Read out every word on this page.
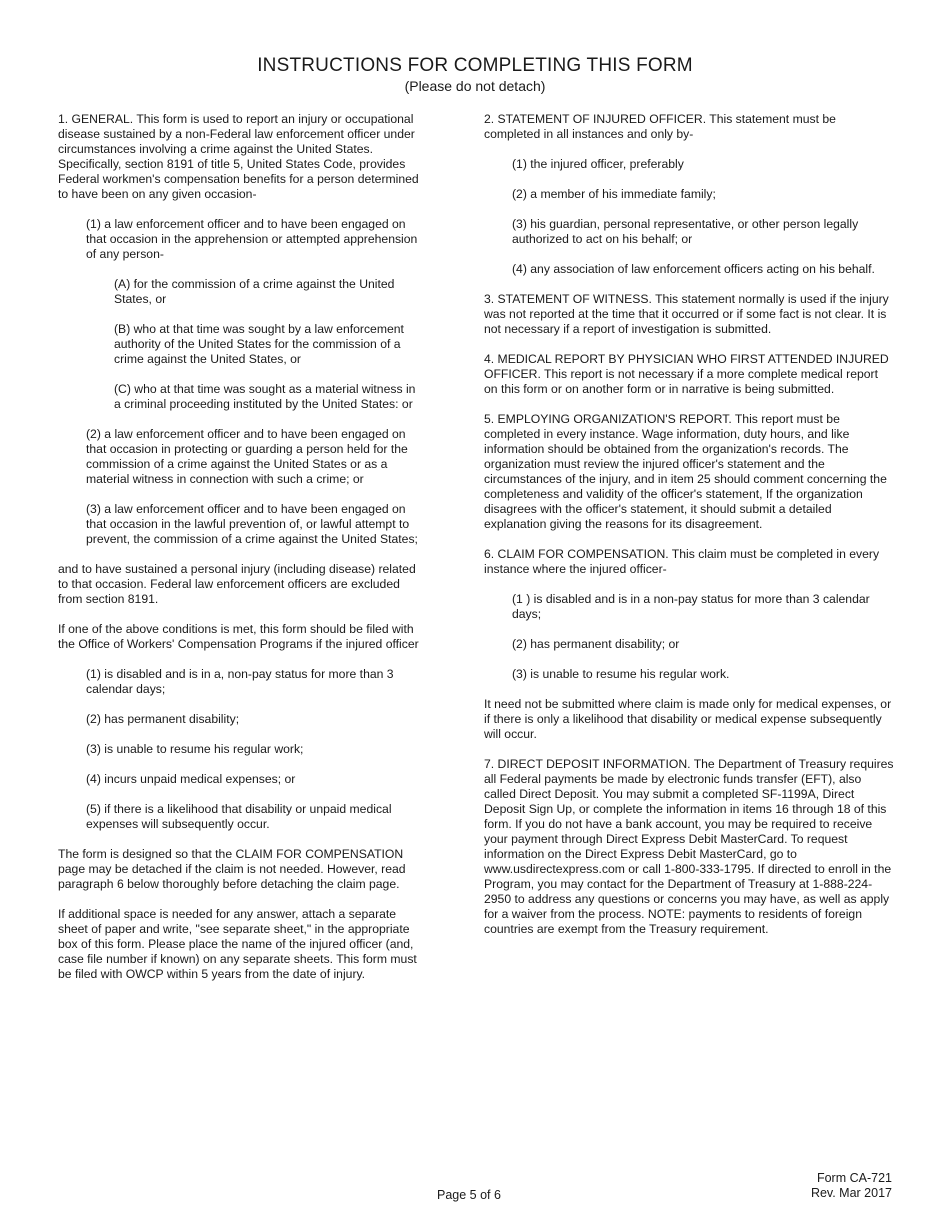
INSTRUCTIONS FOR COMPLETING THIS FORM
(Please do not detach)

1. GENERAL. This form is used to report an injury or occupational disease sustained by a non-Federal law enforcement officer under circumstances involving a crime against the United States. Specifically, section 8191 of title 5, United States Code, provides Federal workmen's compensation benefits for a person determined to have been on any given occasion-

(1) a law enforcement officer and to have been engaged on that occasion in the apprehension or attempted apprehension of any person-

(A) for the commission of a crime against the United States, or

(B) who at that time was sought by a law enforcement authority of the United States for the commission of a crime against the United States, or

(C) who at that time was sought as a material witness in a criminal proceeding instituted by the United States: or

(2) a law enforcement officer and to have been engaged on that occasion in protecting or guarding a person held for the commission of a crime against the United States or as a material witness in connection with such a crime; or

(3) a law enforcement officer and to have been engaged on that occasion in the lawful prevention of, or lawful attempt to prevent, the commission of a crime against the United States;

and to have sustained a personal injury (including disease) related to that occasion. Federal law enforcement officers are excluded from section 8191.

If one of the above conditions is met, this form should be filed with the Office of Workers' Compensation Programs if the injured officer

(1) is disabled and is in a, non-pay status for more than 3 calendar days;

(2) has permanent disability;

(3) is unable to resume his regular work;

(4) incurs unpaid medical expenses; or

(5) if there is a likelihood that disability or unpaid medical expenses will subsequently occur.

The form is designed so that the CLAIM FOR COMPENSATION page may be detached if the claim is not needed. However, read paragraph 6 below thoroughly before detaching the claim page.

If additional space is needed for any answer, attach a separate sheet of paper and write, "see separate sheet," in the appropriate box of this form. Please place the name of the injured officer (and, case file number if known) on any separate sheets. This form must be filed with OWCP within 5 years from the date of injury.

2. STATEMENT OF INJURED OFFICER. This statement must be completed in all instances and only by-

(1) the injured officer, preferably

(2) a member of his immediate family;

(3) his guardian, personal representative, or other person legally authorized to act on his behalf; or

(4) any association of law enforcement officers acting on his behalf.

3. STATEMENT OF WITNESS. This statement normally is used if the injury was not reported at the time that it occurred or if some fact is not clear. It is not necessary if a report of investigation is submitted.

4. MEDICAL REPORT BY PHYSICIAN WHO FIRST ATTENDED INJURED OFFICER. This report is not necessary if a more complete medical report on this form or on another form or in narrative is being submitted.

5. EMPLOYING ORGANIZATION'S REPORT. This report must be completed in every instance. Wage information, duty hours, and like information should be obtained from the organization's records. The organization must review the injured officer's statement and the circumstances of the injury, and in item 25 should comment concerning the completeness and validity of the officer's statement, If the organization disagrees with the officer's statement, it should submit a detailed explanation giving the reasons for its disagreement.

6. CLAIM FOR COMPENSATION. This claim must be completed in every instance where the injured officer-

(1 ) is disabled and is in a non-pay status for more than 3 calendar days;

(2) has permanent disability; or

(3) is unable to resume his regular work.

It need not be submitted where claim is made only for medical expenses, or if there is only a likelihood that disability or medical expense subsequently will occur.

7. DIRECT DEPOSIT INFORMATION. The Department of Treasury requires all Federal payments be made by electronic funds transfer (EFT), also called Direct Deposit. You may submit a completed SF-1199A, Direct Deposit Sign Up, or complete the information in items 16 through 18 of this form. If you do not have a bank account, you may be required to receive your payment through Direct Express Debit MasterCard. To request information on the Direct Express Debit MasterCard, go to www.usdirectexpress.com or call 1-800-333-1795. If directed to enroll in the Program, you may contact for the Department of Treasury at 1-888-224-2950 to address any questions or concerns you may have, as well as apply for a waiver from the process. NOTE: payments to residents of foreign countries are exempt from the Treasury requirement.

Page 5 of 6
Form CA-721
Rev. Mar 2017
